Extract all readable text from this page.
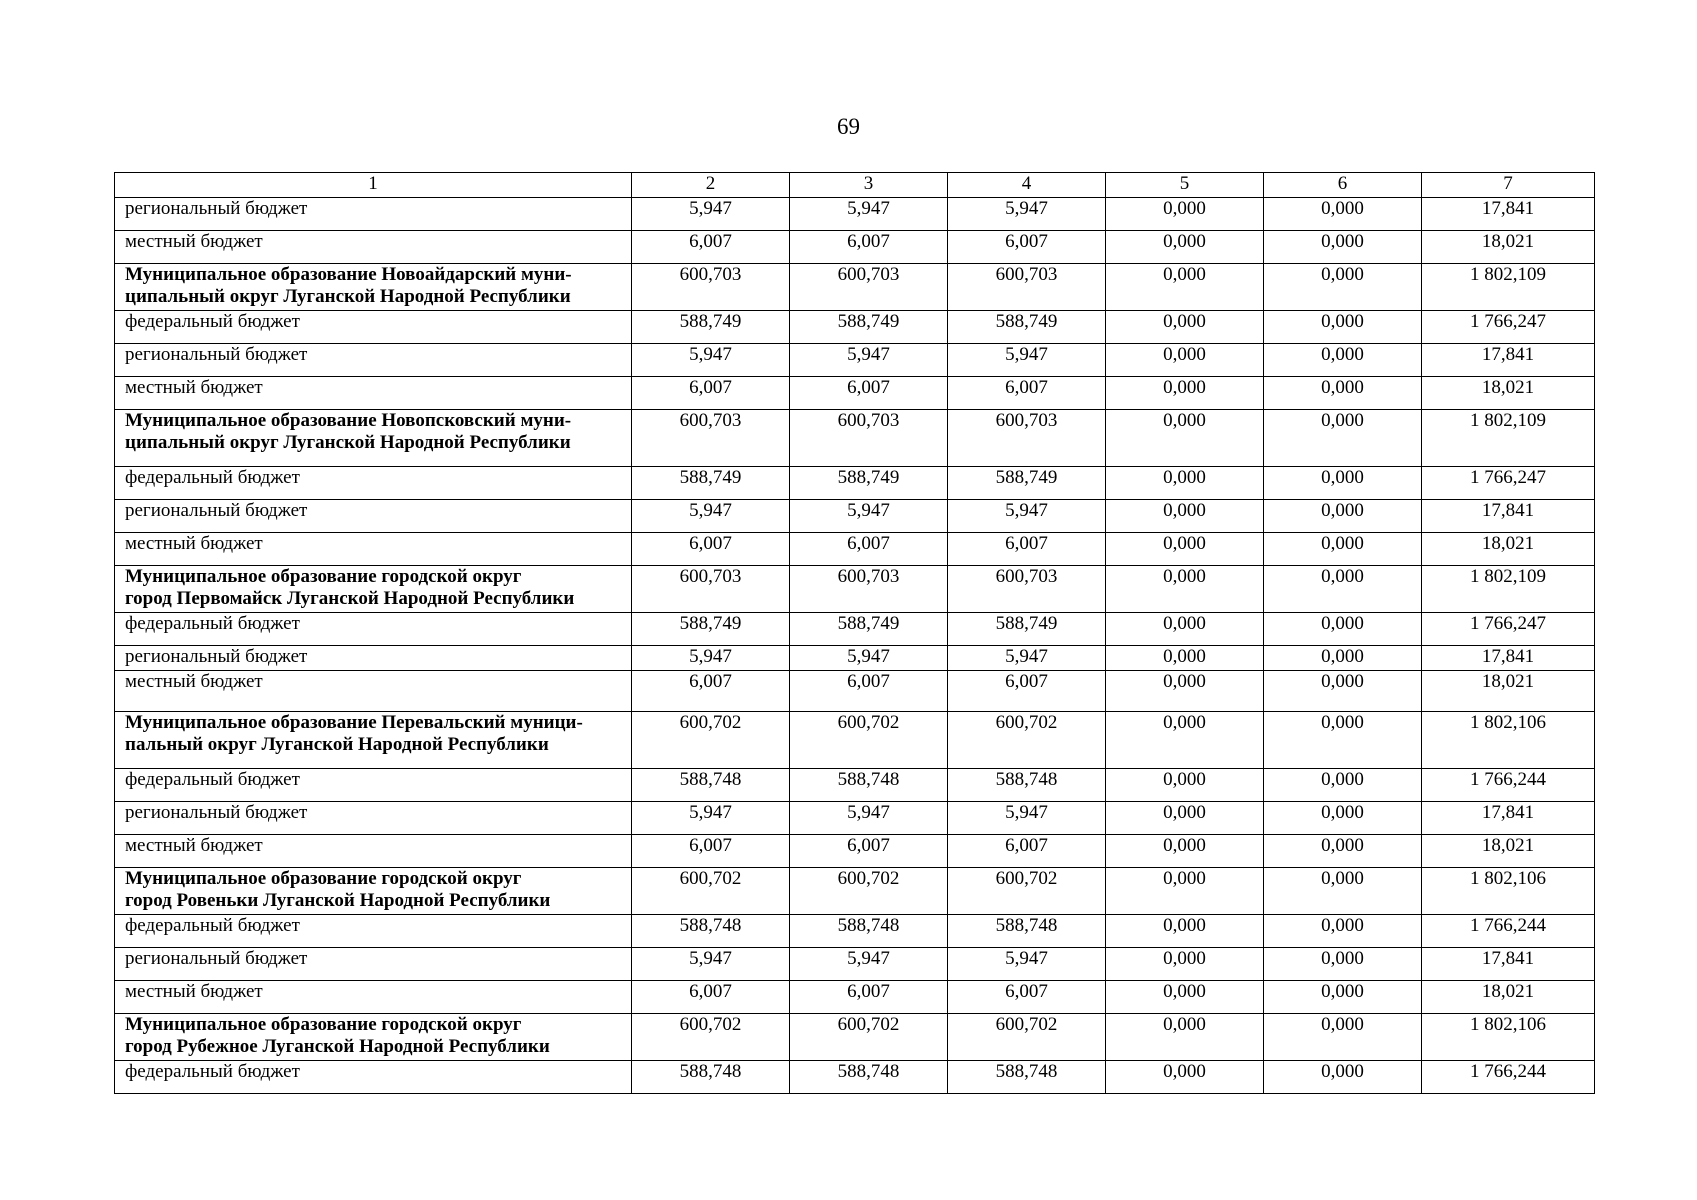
69
1	2	3	4	5	6	7
региональный бюджет	5,947	5,947	5,947	0,000	0,000	17,841
местный бюджет	6,007	6,007	6,007	0,000	0,000	18,021
Муниципальное образование Новоайдарский муни-
ципальный округ Луганской Народной Республики	600,703	600,703	600,703	0,000	0,000	1 802,109
федеральный бюджет	588,749	588,749	588,749	0,000	0,000	1 766,247
региональный бюджет	5,947	5,947	5,947	0,000	0,000	17,841
местный бюджет	6,007	6,007	6,007	0,000	0,000	18,021
Муниципальное образование Новопсковский муни-
ципальный округ Луганской Народной Республики	600,703	600,703	600,703	0,000	0,000	1 802,109
федеральный бюджет	588,749	588,749	588,749	0,000	0,000	1 766,247
региональный бюджет	5,947	5,947	5,947	0,000	0,000	17,841
местный бюджет	6,007	6,007	6,007	0,000	0,000	18,021
Муниципальное образование городской округ
город Первомайск Луганской Народной Республики	600,703	600,703	600,703	0,000	0,000	1 802,109
федеральный бюджет	588,749	588,749	588,749	0,000	0,000	1 766,247
региональный бюджет	5,947	5,947	5,947	0,000	0,000	17,841
местный бюджет	6,007	6,007	6,007	0,000	0,000	18,021
Муниципальное образование Перевальский муници-
пальный округ Луганской Народной Республики	600,702	600,702	600,702	0,000	0,000	1 802,106
федеральный бюджет	588,748	588,748	588,748	0,000	0,000	1 766,244
региональный бюджет	5,947	5,947	5,947	0,000	0,000	17,841
местный бюджет	6,007	6,007	6,007	0,000	0,000	18,021
Муниципальное образование городской округ
город Ровеньки Луганской Народной Республики	600,702	600,702	600,702	0,000	0,000	1 802,106
федеральный бюджет	588,748	588,748	588,748	0,000	0,000	1 766,244
региональный бюджет	5,947	5,947	5,947	0,000	0,000	17,841
местный бюджет	6,007	6,007	6,007	0,000	0,000	18,021
Муниципальное образование городской округ
город Рубежное Луганской Народной Республики	600,702	600,702	600,702	0,000	0,000	1 802,106
федеральный бюджет	588,748	588,748	588,748	0,000	0,000	1 766,244
